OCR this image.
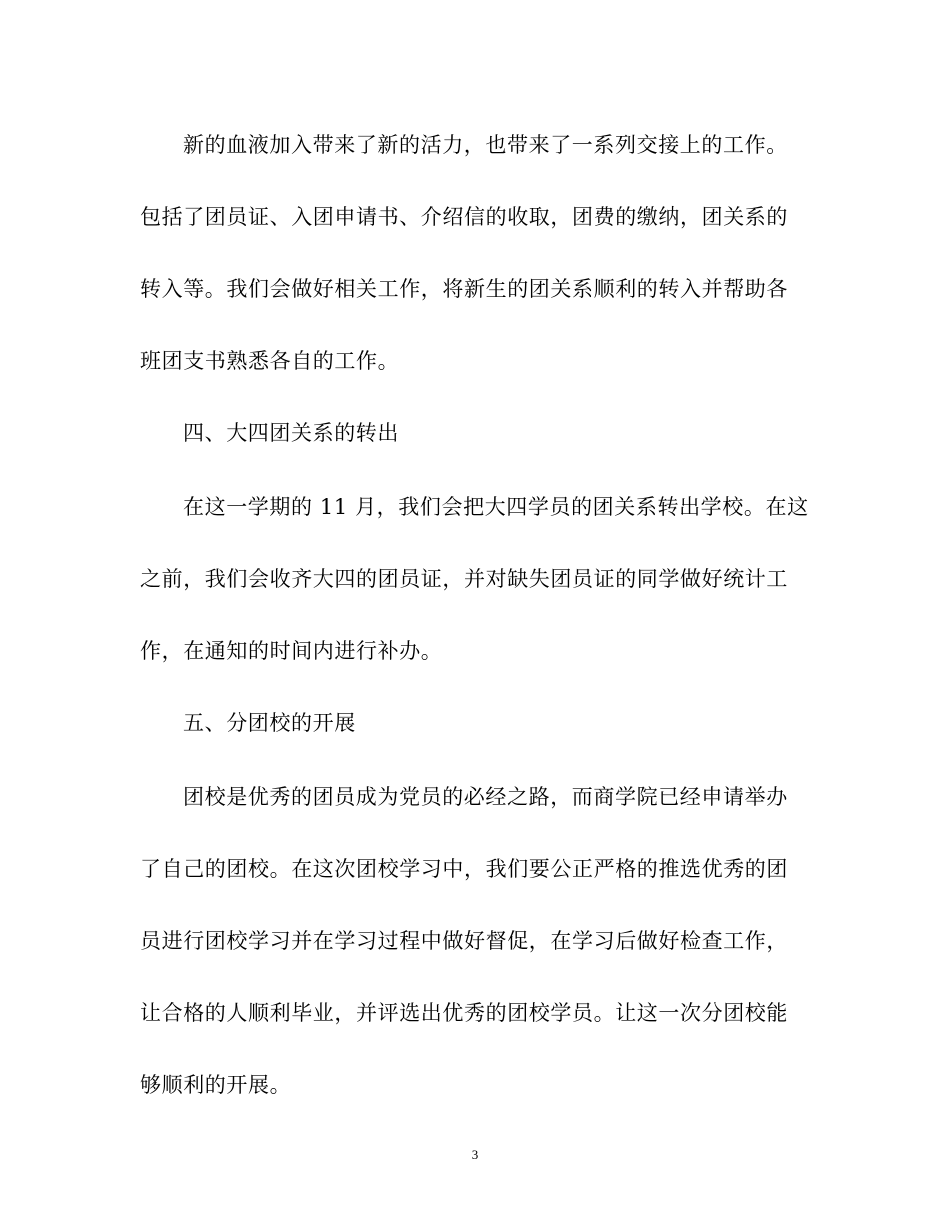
新的血液加入带来了新的活力，也带来了一系列交接上的工作。
包括了团员证、入团申请书、介绍信的收取，团费的缴纳，团关系的
转入等。我们会做好相关工作，将新生的团关系顺利的转入并帮助各
班团支书熟悉各自的工作。
四、大四团关系的转出
在这一学期的 11 月，我们会把大四学员的团关系转出学校。在这
之前，我们会收齐大四的团员证，并对缺失团员证的同学做好统计工
作，在通知的时间内进行补办。
五、分团校的开展
团校是优秀的团员成为党员的必经之路，而商学院已经申请举办
了自己的团校。在这次团校学习中，我们要公正严格的推选优秀的团
员进行团校学习并在学习过程中做好督促，在学习后做好检查工作，
让合格的人顺利毕业，并评选出优秀的团校学员。让这一次分团校能
够顺利的开展。
3
